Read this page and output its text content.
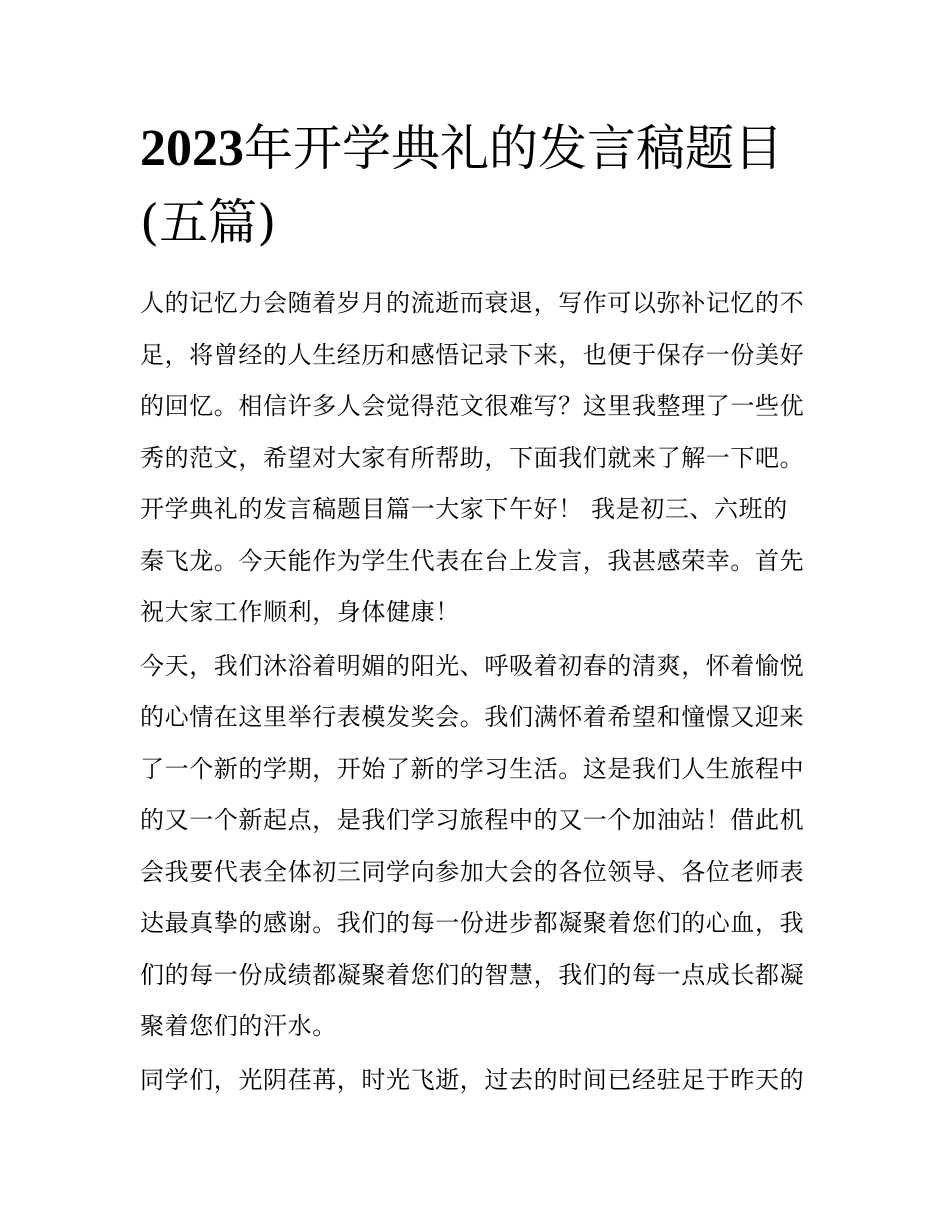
2023年开学典礼的发言稿题目
(五篇)

人的记忆力会随着岁月的流逝而衰退，写作可以弥补记忆的不
足，将曾经的人生经历和感悟记录下来，也便于保存一份美好
的回忆。相信许多人会觉得范文很难写？这里我整理了一些优
秀的范文，希望对大家有所帮助，下面我们就来了解一下吧。
开学典礼的发言稿题目篇一大家下午好！ 我是初三、六班的
秦飞龙。今天能作为学生代表在台上发言，我甚感荣幸。首先
祝大家工作顺利，身体健康！

今天，我们沐浴着明媚的阳光、呼吸着初春的清爽，怀着愉悦
的心情在这里举行表模发奖会。我们满怀着希望和憧憬又迎来
了一个新的学期，开始了新的学习生活。这是我们人生旅程中
的又一个新起点，是我们学习旅程中的又一个加油站！借此机
会我要代表全体初三同学向参加大会的各位领导、各位老师表
达最真挚的感谢。我们的每一份进步都凝聚着您们的心血，我
们的每一份成绩都凝聚着您们的智慧，我们的每一点成长都凝
聚着您们的汗水。

同学们，光阴荏苒，时光飞逝，过去的时间已经驻足于昨天的
